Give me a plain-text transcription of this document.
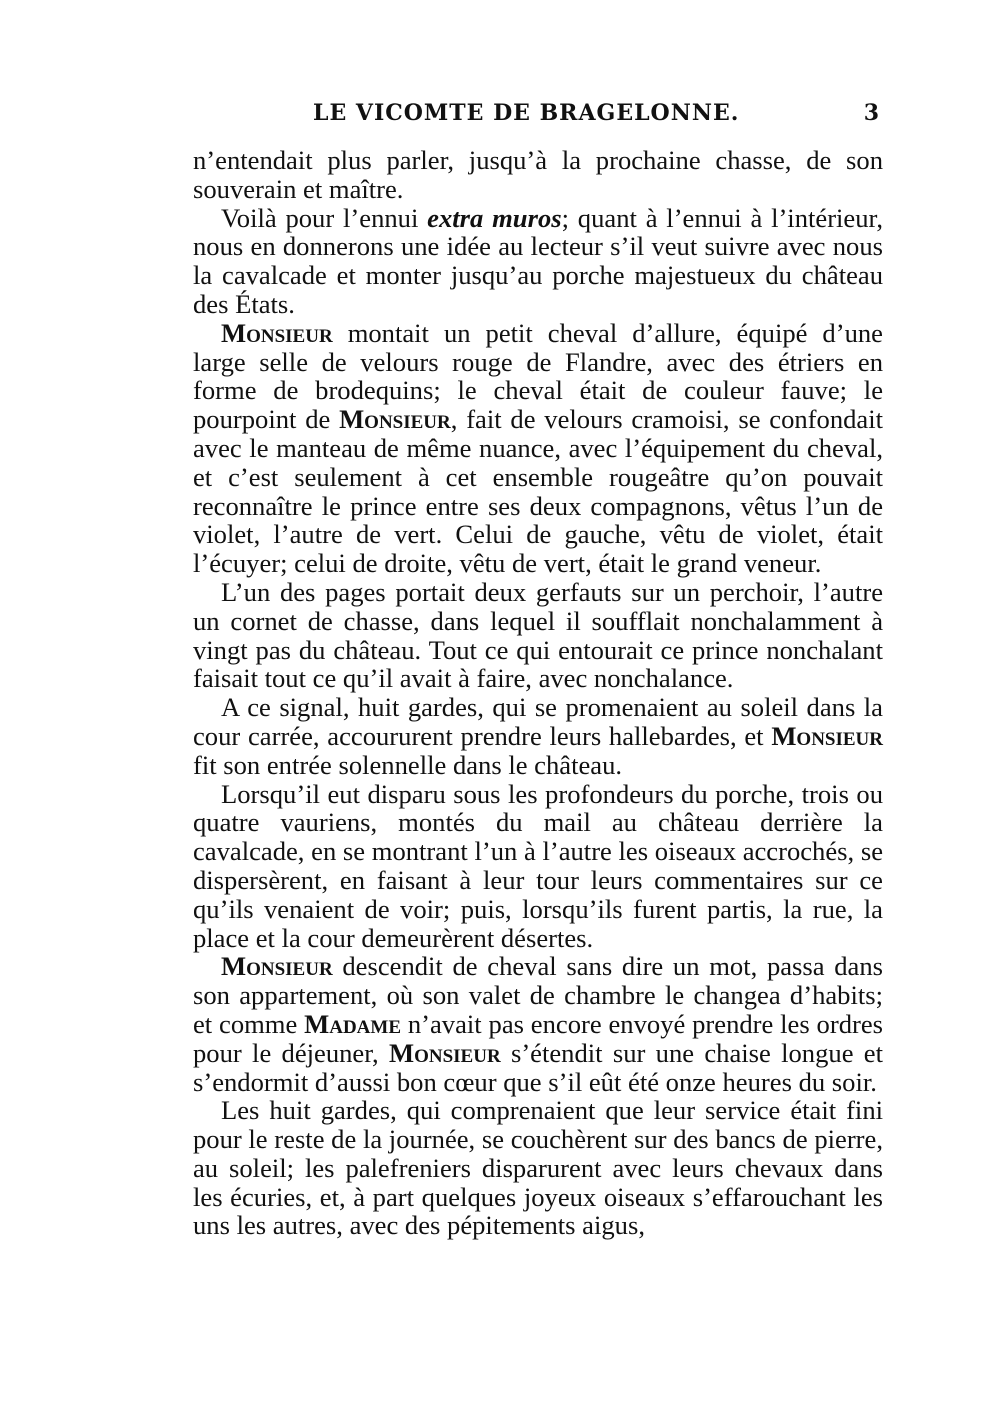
LE VICOMTE DE BRAGELONNE.	3

n’entendait plus parler, jusqu’à la prochaine chasse, de son souverain et maître.

Voilà pour l’ennui extra muros; quant à l’ennui à l’intérieur, nous en donnerons une idée au lecteur s’il veut suivre avec nous la cavalcade et monter jusqu’au porche majestueux du château des États.

Monsieur montait un petit cheval d’allure, équipé d’une large selle de velours rouge de Flandre, avec des étriers en forme de brodequins; le cheval était de couleur fauve; le pourpoint de Monsieur, fait de velours cramoisi, se confondait avec le manteau de même nuance, avec l’équipement du cheval, et c’est seulement à cet ensemble rougeâtre qu’on pouvait reconnaître le prince entre ses deux compagnons, vêtus l’un de violet, l’autre de vert. Celui de gauche, vêtu de violet, était l’écuyer; celui de droite, vêtu de vert, était le grand veneur.

L’un des pages portait deux gerfauts sur un perchoir, l’autre un cornet de chasse, dans lequel il soufflait nonchalamment à vingt pas du château. Tout ce qui entourait ce prince nonchalant faisait tout ce qu’il avait à faire, avec nonchalance.

A ce signal, huit gardes, qui se promenaient au soleil dans la cour carrée, accoururent prendre leurs hallebardes, et Monsieur fit son entrée solennelle dans le château.

Lorsqu’il eut disparu sous les profondeurs du porche, trois ou quatre vauriens, montés du mail au château derrière la cavalcade, en se montrant l’un à l’autre les oiseaux accrochés, se dispersèrent, en faisant à leur tour leurs commentaires sur ce qu’ils venaient de voir; puis, lorsqu’ils furent partis, la rue, la place et la cour demeurèrent désertes.

Monsieur descendit de cheval sans dire un mot, passa dans son appartement, où son valet de chambre le changea d’habits; et comme Madame n’avait pas encore envoyé prendre les ordres pour le déjeuner, Monsieur s’étendit sur une chaise longue et s’endormit d’aussi bon cœur que s’il eût été onze heures du soir.

Les huit gardes, qui comprenaient que leur service était fini pour le reste de la journée, se couchèrent sur des bancs de pierre, au soleil; les palefreniers disparurent avec leurs chevaux dans les écuries, et, à part quelques joyeux oiseaux s’effarouchant les uns les autres, avec des pépitements aigus,
